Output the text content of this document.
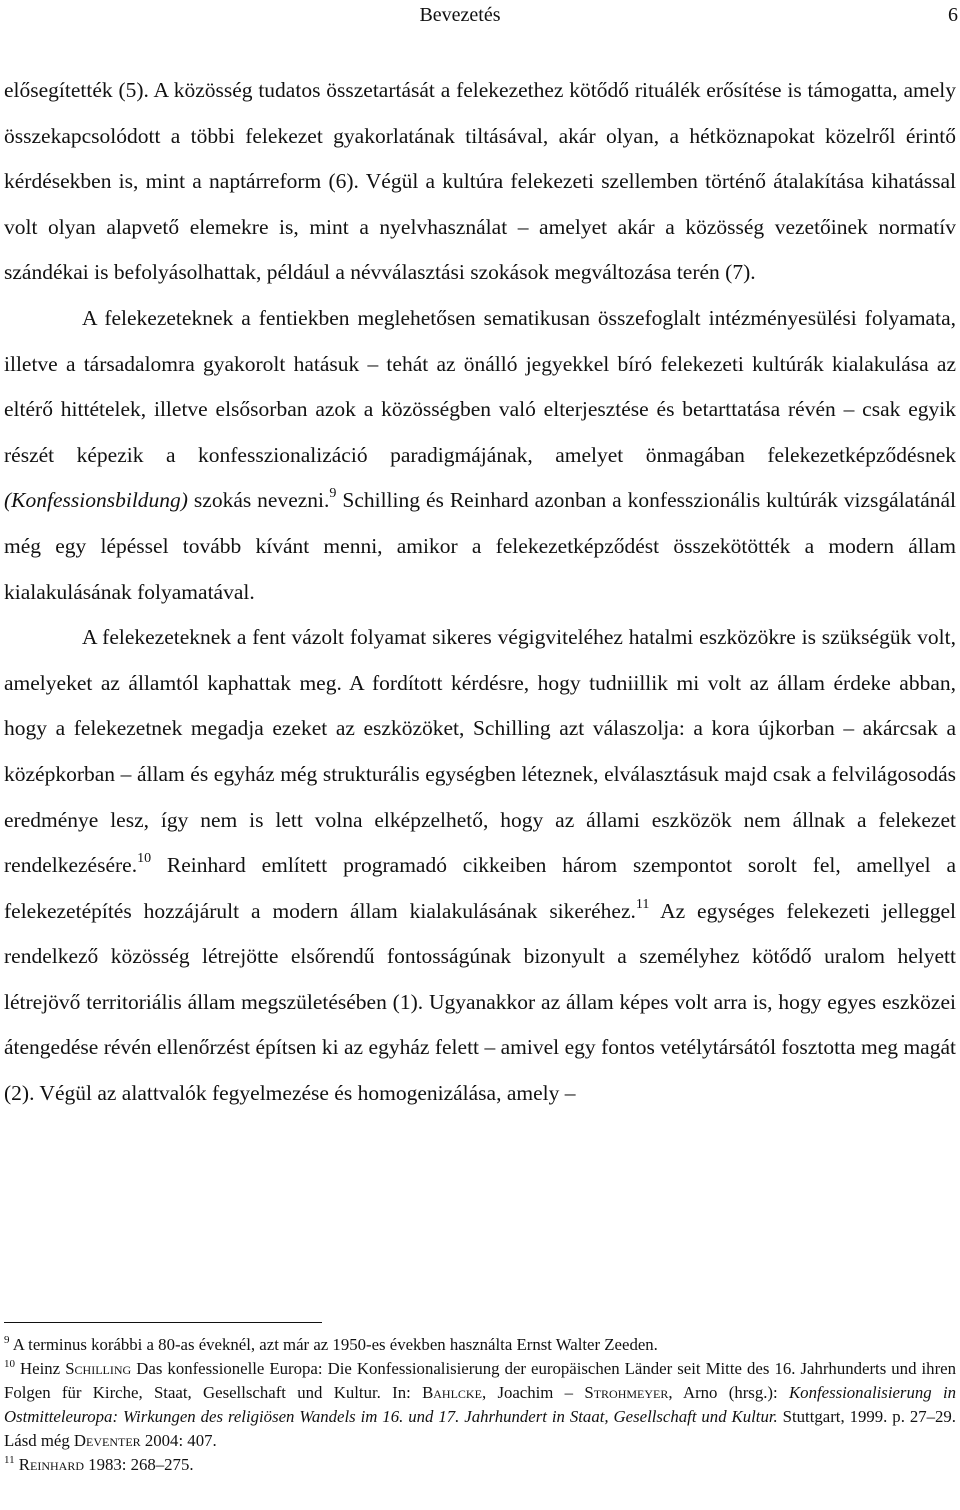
Bevezetés	6

elősegítették (5). A közösség tudatos összetartását a felekezethez kötődő rituálék erősítése is támogatta, amely összekapcsolódott a többi felekezet gyakorlatának tiltásával, akár olyan, a hétköznapokat közelről érintő kérdésekben is, mint a naptárreform (6). Végül a kultúra felekezeti szellemben történő átalakítása kihatással volt olyan alapvető elemekre is, mint a nyelvhasználat – amelyet akár a közösség vezetőinek normatív szándékai is befolyásolhattak, például a névválasztási szokások megváltozása terén (7).

A felekezeteknek a fentiekben meglehetősen sematikusan összefoglalt intézményesülési folyamata, illetve a társadalomra gyakorolt hatásuk – tehát az önálló jegyekkel bíró felekezeti kultúrák kialakulása az eltérő hittételek, illetve elsősorban azok a közösségben való elterjesztése és betarttatása révén – csak egyik részét képezik a konfesszionalizáció paradigmájának, amelyet önmagában felekezetképződésnek (Konfessionsbildung) szokás nevezni.$^9$ Schilling és Reinhard azonban a konfesszionális kultúrák vizsgálatánál még egy lépéssel tovább kívánt menni, amikor a felekezetképződést összekötötték a modern állam kialakulásának folyamatával.

A felekezeteknek a fent vázolt folyamat sikeres végigviteléhez hatalmi eszközökre is szükségük volt, amelyeket az államtól kaphattak meg. A fordított kérdésre, hogy tudniillik mi volt az állam érdeke abban, hogy a felekezetnek megadja ezeket az eszközöket, Schilling azt válaszolja: a kora újkorban – akárcsak a középkorban – állam és egyház még strukturális egységben léteznek, elválasztásuk majd csak a felvilágosodás eredménye lesz, így nem is lett volna elképzelhető, hogy az állami eszközök nem állnak a felekezet rendelkezésére.$^{10}$ Reinhard említett programadó cikkeiben három szempontot sorolt fel, amellyel a felekezetépítés hozzájárult a modern állam kialakulásának sikeréhez.$^{11}$ Az egységes felekezeti jelleggel rendelkező közösség létrejötte elsőrendű fontosságúnak bizonyult a személyhez kötődő uralom helyett létrejövő territoriális állam megszületésében (1). Ugyanakkor az állam képes volt arra is, hogy egyes eszközei átengedése révén ellenőrzést építsen ki az egyház felett – amivel egy fontos vetélytársától fosztotta meg magát (2). Végül az alattvalók fegyelmezése és homogenizálása, amely –

$^9$ A terminus korábbi a 80-as éveknél, azt már az 1950-es években használta Ernst Walter Zeeden.

$^{10}$ Heinz Schilling Das konfessionelle Europa: Die Konfessionalisierung der europäischen Länder seit Mitte des 16. Jahrhunderts und ihren Folgen für Kirche, Staat, Gesellschaft und Kultur. In: Bahlcke, Joachim – Strohmeyer, Arno (hrsg.): Konfessionalisierung in Ostmitteleuropa: Wirkungen des religiösen Wandels im 16. und 17. Jahrhundert in Staat, Gesellschaft und Kultur. Stuttgart, 1999. p. 27–29. Lásd még Deventer 2004: 407.

$^{11}$ Reinhard 1983: 268–275.
